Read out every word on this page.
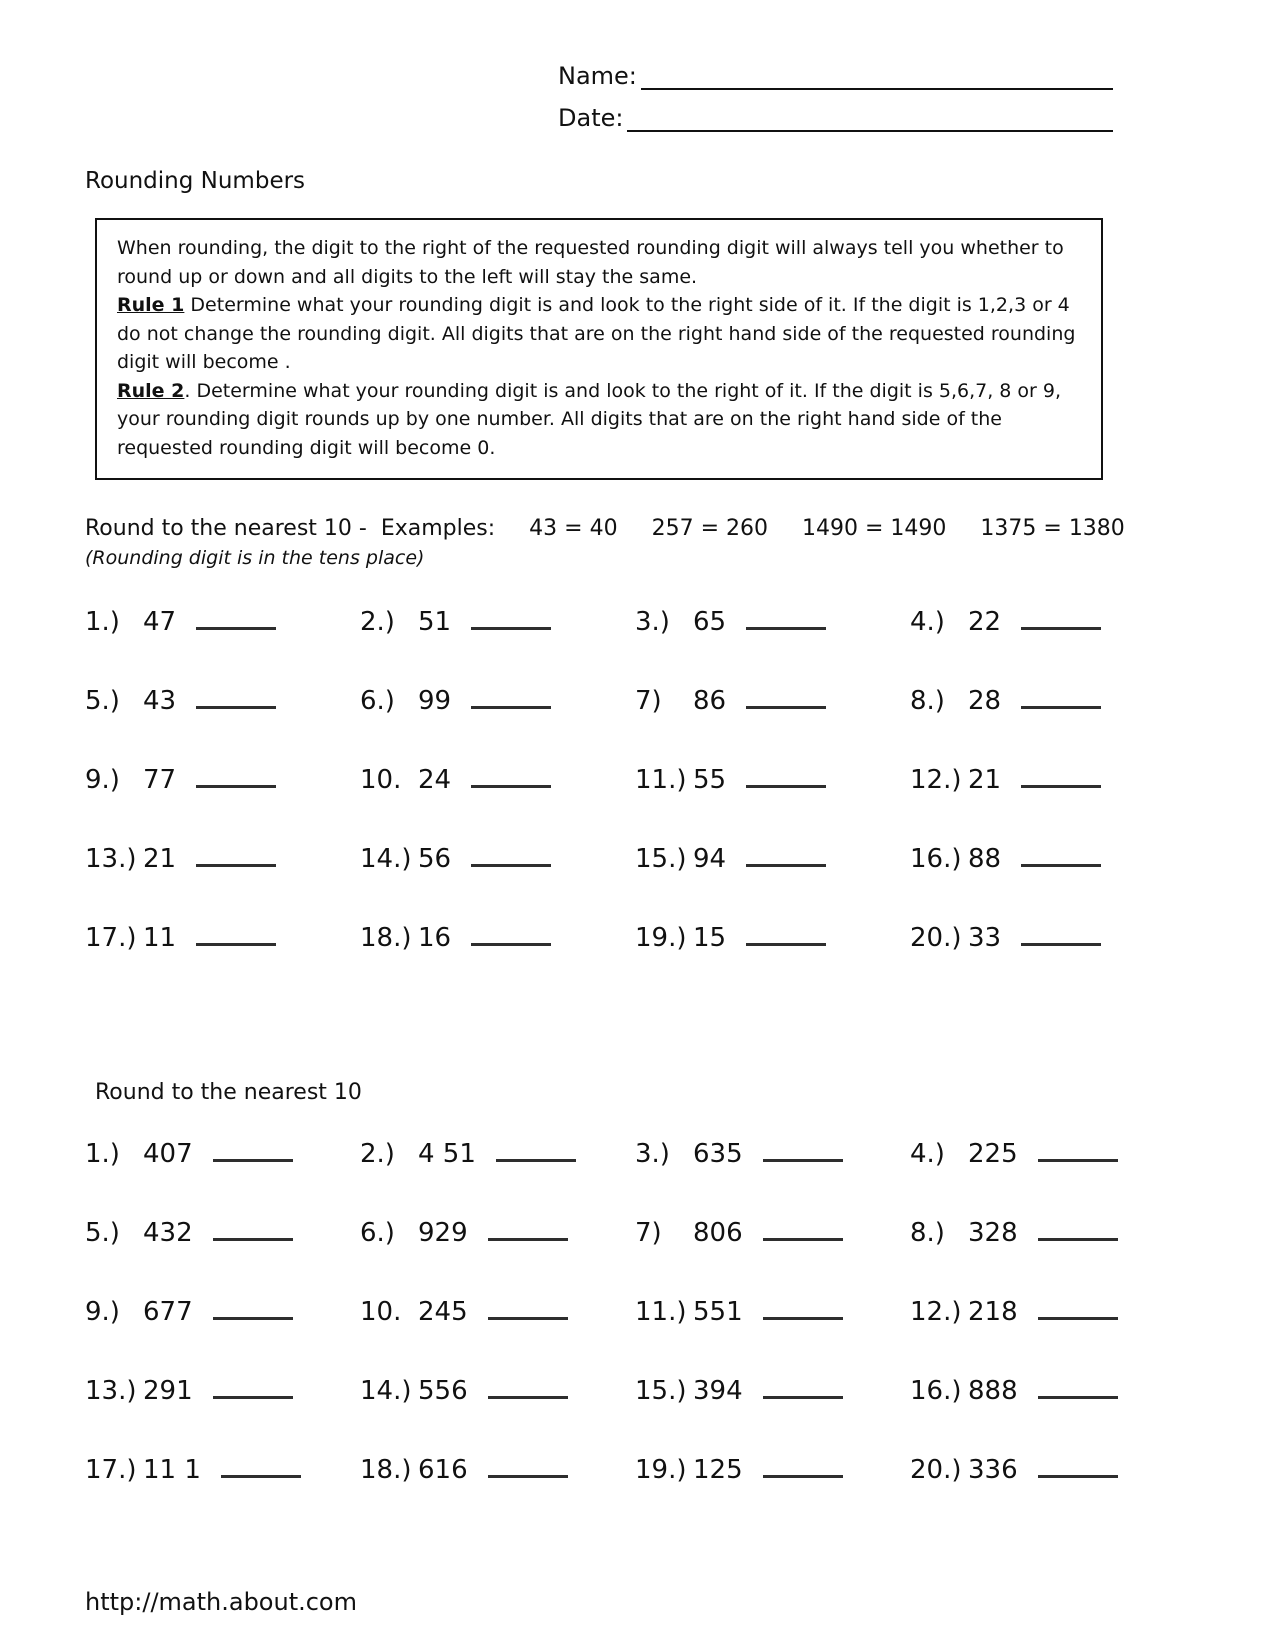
Name:
Date:
Rounding Numbers

When rounding, the digit to the right of the requested rounding digit will always tell you whether to round up or down and all digits to the left will stay the same.

Rule 1 Determine what your rounding digit is and look to the right side of it. If the digit is 1,2,3 or 4 do not change the rounding digit. All digits that are on the right hand side of the requested rounding digit will become .

Rule 2. Determine what your rounding digit is and look to the right of it. If the digit is 5,6,7, 8 or 9, your rounding digit rounds up by one number. All digits that are on the right hand side of the requested rounding digit will become 0.

Round to the nearest 10 - Examples:	43 = 40 257 = 260 1490 = 1490 1375 = 1380
(Rounding digit is in the tens place)
1.) 47	2.) 51	3.) 65	4.) 22
5.) 43	6.) 99	7)	86	8.) 28
9.) 77	10. 24	11.) 55	12.) 21
13.) 21	14.) 56	15.) 94	16.) 88
17.) 11	18.) 16	19.) 15	20.) 33
Round to the nearest 10
1.) 407	2.) 4 51	3.) 635	4.) 225
5.) 432	6.) 929	7)	806	8.) 328
9.) 677	10. 245	11.) 551	12.) 218
13.) 291	14.) 556	15.) 394	16.) 888
17.) 11 1	18.) 616	19.) 125	20.) 336
http://math.about.com
